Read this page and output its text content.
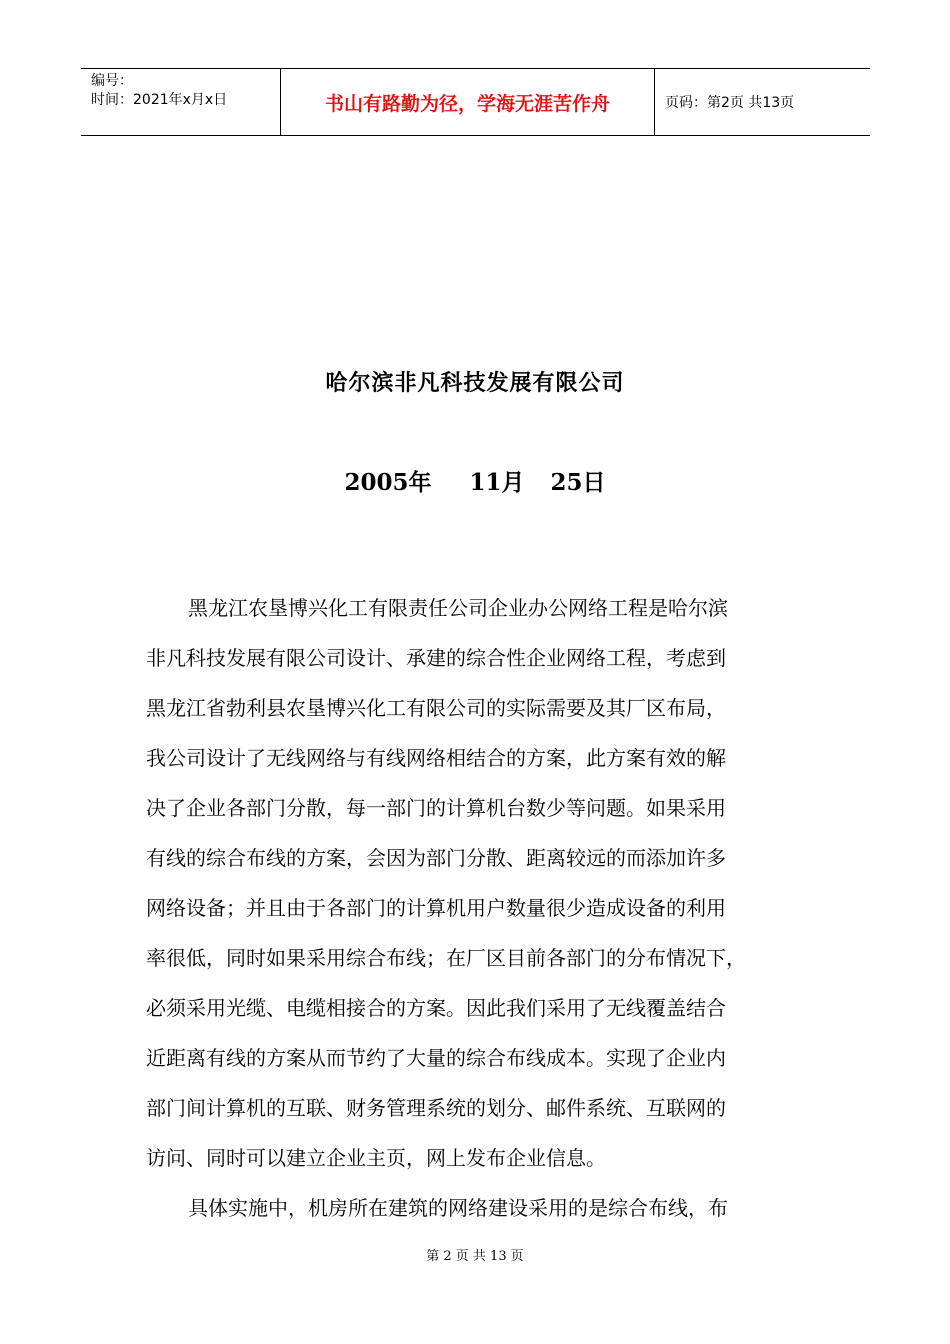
编号：
时间：2021年x月x日	书山有路勤为径，学海无涯苦作舟	页码：第2页 共13页
哈尔滨非凡科技发展有限公司
2005年 11月 25日
黑龙江农垦博兴化工有限责任公司企业办公网络工程是哈尔滨
非凡科技发展有限公司设计、承建的综合性企业网络工程，考虑到
黑龙江省勃利县农垦博兴化工有限公司的实际需要及其厂区布局，
我公司设计了无线网络与有线网络相结合的方案，此方案有效的解
决了企业各部门分散，每一部门的计算机台数少等问题。如果采用
有线的综合布线的方案，会因为部门分散、距离较远的而添加许多
网络设备；并且由于各部门的计算机用户数量很少造成设备的利用
率很低，同时如果采用综合布线；在厂区目前各部门的分布情况下，
必须采用光缆、电缆相接合的方案。因此我们采用了无线覆盖结合
近距离有线的方案从而节约了大量的综合布线成本。实现了企业内
部门间计算机的互联、财务管理系统的划分、邮件系统、互联网的
访问、同时可以建立企业主页，网上发布企业信息。
具体实施中，机房所在建筑的网络建设采用的是综合布线，布
第 2 页 共 13 页
